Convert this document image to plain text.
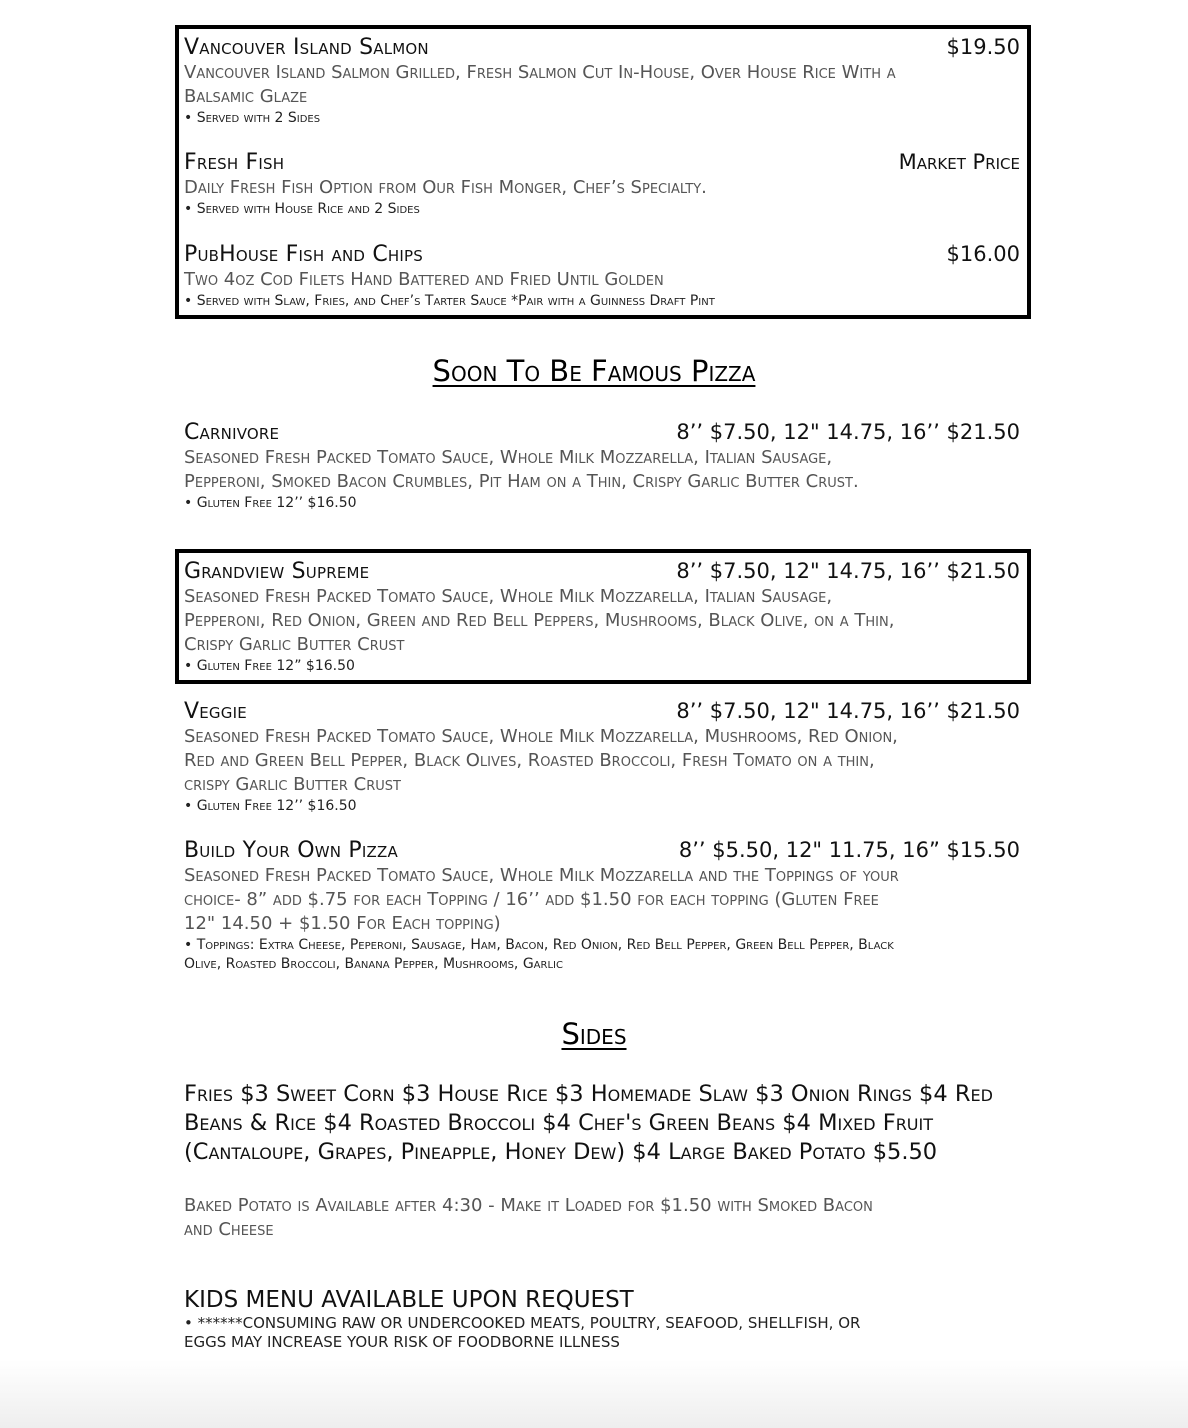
Vancouver Island Salmon	$19.50
Vancouver Island Salmon Grilled, Fresh Salmon Cut In-House, Over House Rice With a Balsamic Glaze
• Served with 2 Sides
Fresh Fish	Market Price
Daily Fresh Fish Option from Our Fish Monger, Chef’s Specialty.
• Served with House Rice and 2 Sides
PubHouse Fish and Chips	$16.00
Two 4oz Cod Filets Hand Battered and Fried Until Golden
• Served with Slaw, Fries, and Chef’s Tarter Sauce *Pair with a Guinness Draft Pint
Soon To Be Famous Pizza
Carnivore	8’’ $7.50, 12" 14.75, 16’’ $21.50
Seasoned Fresh Packed Tomato Sauce, Whole Milk Mozzarella, Italian Sausage, Pepperoni, Smoked Bacon Crumbles, Pit Ham on a Thin, Crispy Garlic Butter Crust.
• Gluten Free 12’’ $16.50
Grandview Supreme	8’’ $7.50, 12" 14.75, 16’’ $21.50
Seasoned Fresh Packed Tomato Sauce, Whole Milk Mozzarella, Italian Sausage, Pepperoni, Red Onion, Green and Red Bell Peppers, Mushrooms, Black Olive, on a Thin, Crispy Garlic Butter Crust
• Gluten Free 12” $16.50
Veggie	8’’ $7.50, 12" 14.75, 16’’ $21.50
Seasoned Fresh Packed Tomato Sauce, Whole Milk Mozzarella, Mushrooms, Red Onion, Red and Green Bell Pepper, Black Olives, Roasted Broccoli, Fresh Tomato on a thin, crispy Garlic Butter Crust
• Gluten Free 12’’ $16.50
Build Your Own Pizza	8’’ $5.50, 12" 11.75, 16” $15.50
Seasoned Fresh Packed Tomato Sauce, Whole Milk Mozzarella and the Toppings of your choice- 8” add $.75 for each Topping / 16’’ add $1.50 for each topping (Gluten Free 12" 14.50 + $1.50 For Each topping)
• Toppings: Extra Cheese, Peperoni, Sausage, Ham, Bacon, Red Onion, Red Bell Pepper, Green Bell Pepper, Black Olive, Roasted Broccoli, Banana Pepper, Mushrooms, Garlic
Sides
Fries $3 Sweet Corn $3 House Rice $3 Homemade Slaw $3 Onion Rings $4 Red Beans & Rice $4 Roasted Broccoli $4 Chef's Green Beans $4 Mixed Fruit (Cantaloupe, Grapes, Pineapple, Honey Dew) $4 Large Baked Potato $5.50
Baked Potato is Available after 4:30 - Make it Loaded for $1.50 with Smoked Bacon and Cheese
KIDS MENU AVAILABLE UPON REQUEST
• ******CONSUMING RAW OR UNDERCOOKED MEATS, POULTRY, SEAFOOD, SHELLFISH, OR EGGS MAY INCREASE YOUR RISK OF FOODBORNE ILLNESS
